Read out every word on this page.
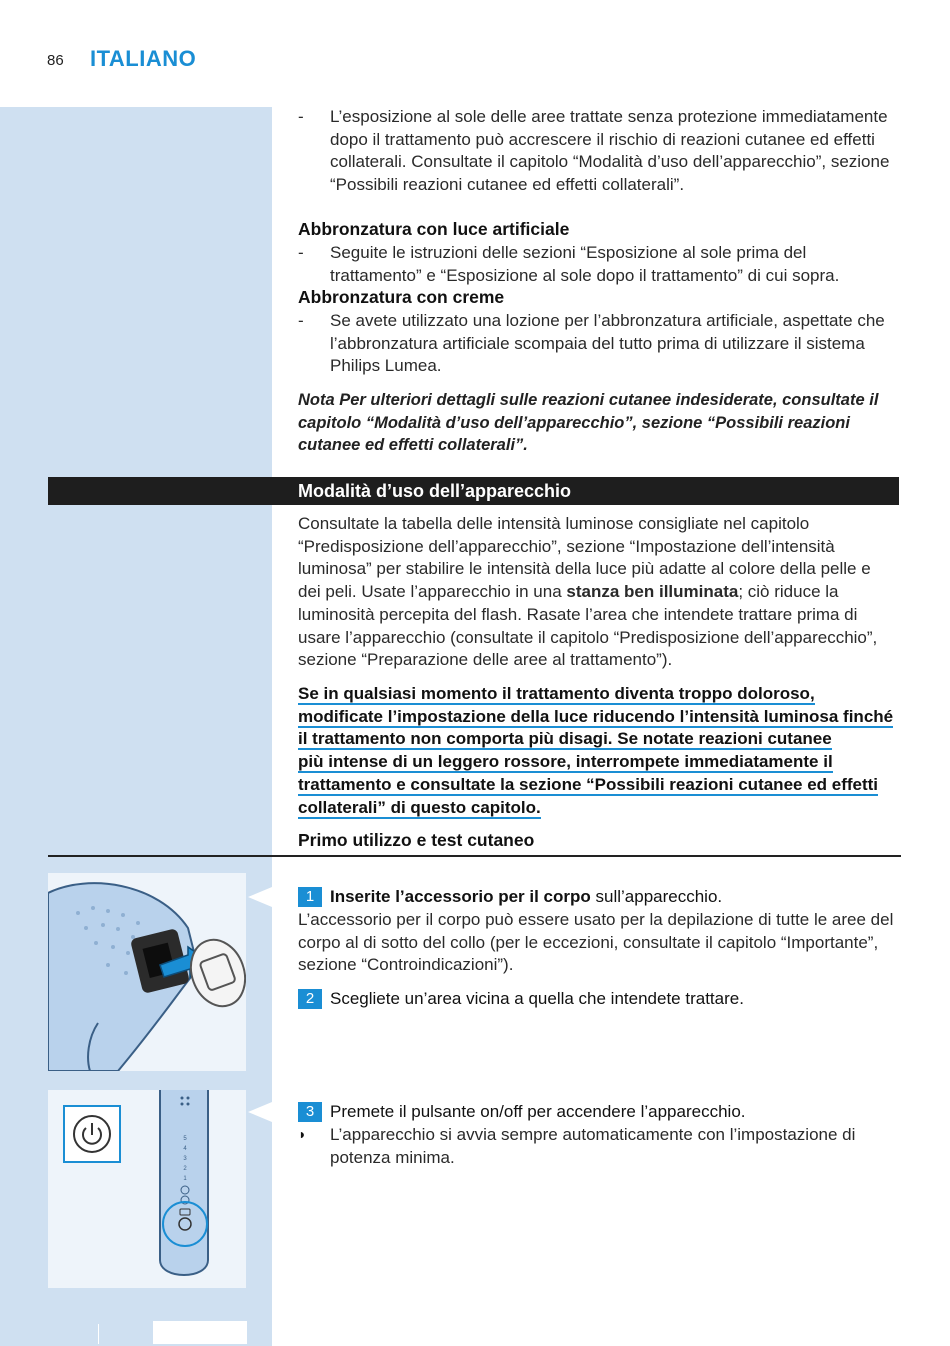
86 ITALIANO
- L’esposizione al sole delle aree trattate senza protezione immediatamente dopo il trattamento può accrescere il rischio di reazioni cutanee ed effetti collaterali. Consultate il capitolo “Modalità d’uso dell’apparecchio”, sezione “Possibili reazioni cutanee ed effetti collaterali”.
Abbronzatura con luce artificiale
- Seguite le istruzioni delle sezioni “Esposizione al sole prima del trattamento” e “Esposizione al sole dopo il trattamento” di cui sopra.
Abbronzatura con creme
- Se avete utilizzato una lozione per l’abbronzatura artificiale, aspettate che l’abbronzatura artificiale scompaia del tutto prima di utilizzare il sistema Philips Lumea.
Nota Per ulteriori dettagli sulle reazioni cutanee indesiderate, consultate il capitolo “Modalità d’uso dell’apparecchio”, sezione “Possibili reazioni cutanee ed effetti collaterali”.
Modalità d’uso dell’apparecchio
Consultate la tabella delle intensità luminose consigliate nel capitolo “Predisposizione dell’apparecchio”, sezione “Impostazione dell’intensità luminosa” per stabilire le intensità della luce più adatte al colore della pelle e dei peli. Usate l’apparecchio in una stanza ben illuminata; ciò riduce la luminosità percepita del flash. Rasate l’area che intendete trattare prima di usare l’apparecchio (consultate il capitolo “Predisposizione dell’apparecchio”, sezione “Preparazione delle aree al trattamento”).
Se in qualsiasi momento il trattamento diventa troppo doloroso,
modificate l’impostazione della luce riducendo l’intensità luminosa finché
il trattamento non comporta più disagi. Se notate reazioni cutanee
più intense di un leggero rossore, interrompete immediatamente il
trattamento e consultate la sezione “Possibili reazioni cutanee ed effetti
collaterali” di questo capitolo.
Primo utilizzo e test cutaneo
5
4
3
2
1
1 Inserite l’accessorio per il corpo sull’apparecchio.
L’accessorio per il corpo può essere usato per la depilazione di tutte le aree del corpo al di sotto del collo (per le eccezioni, consultate il capitolo “Importante”, sezione “Controindicazioni”).
2 Scegliete un’area vicina a quella che intendete trattare.
3 Premete il pulsante on/off per accendere l’apparecchio.
◗	L’apparecchio si avvia sempre automaticamente con l’impostazione di potenza minima.
